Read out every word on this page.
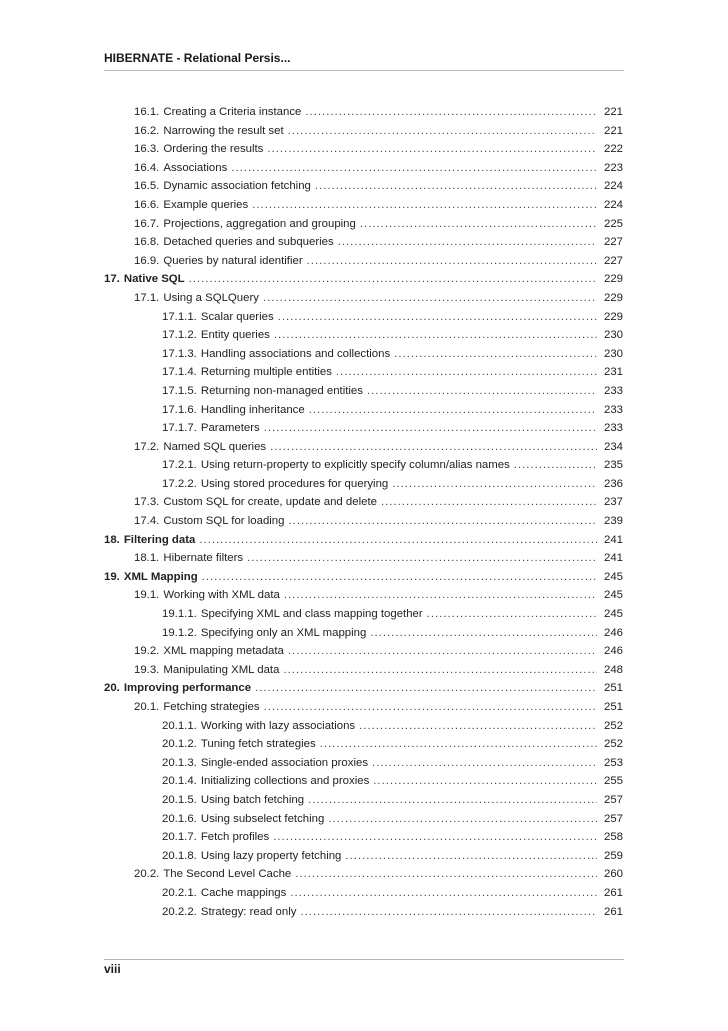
HIBERNATE - Relational Persis...
16.1. Creating a Criteria instance .....	221
16.2. Narrowing the result set .....	221
16.3. Ordering the results .....	222
16.4. Associations .....	223
16.5. Dynamic association fetching .....	224
16.6. Example queries .....	224
16.7. Projections, aggregation and grouping .....	225
16.8. Detached queries and subqueries .....	227
16.9. Queries by natural identifier .....	227
17. Native SQL .....	229
17.1. Using a SQLQuery .....	229
17.1.1. Scalar queries .....	229
17.1.2. Entity queries .....	230
17.1.3. Handling associations and collections .....	230
17.1.4. Returning multiple entities .....	231
17.1.5. Returning non-managed entities .....	233
17.1.6. Handling inheritance .....	233
17.1.7. Parameters .....	233
17.2. Named SQL queries .....	234
17.2.1. Using return-property to explicitly specify column/alias names .....	235
17.2.2. Using stored procedures for querying .....	236
17.3. Custom SQL for create, update and delete .....	237
17.4. Custom SQL for loading .....	239
18. Filtering data .....	241
18.1. Hibernate filters .....	241
19. XML Mapping .....	245
19.1. Working with XML data .....	245
19.1.1. Specifying XML and class mapping together .....	245
19.1.2. Specifying only an XML mapping .....	246
19.2. XML mapping metadata .....	246
19.3. Manipulating XML data .....	248
20. Improving performance .....	251
20.1. Fetching strategies .....	251
20.1.1. Working with lazy associations .....	252
20.1.2. Tuning fetch strategies .....	252
20.1.3. Single-ended association proxies .....	253
20.1.4. Initializing collections and proxies .....	255
20.1.5. Using batch fetching .....	257
20.1.6. Using subselect fetching .....	257
20.1.7. Fetch profiles .....	258
20.1.8. Using lazy property fetching .....	259
20.2. The Second Level Cache .....	260
20.2.1. Cache mappings .....	261
20.2.2. Strategy: read only .....	261
viii
